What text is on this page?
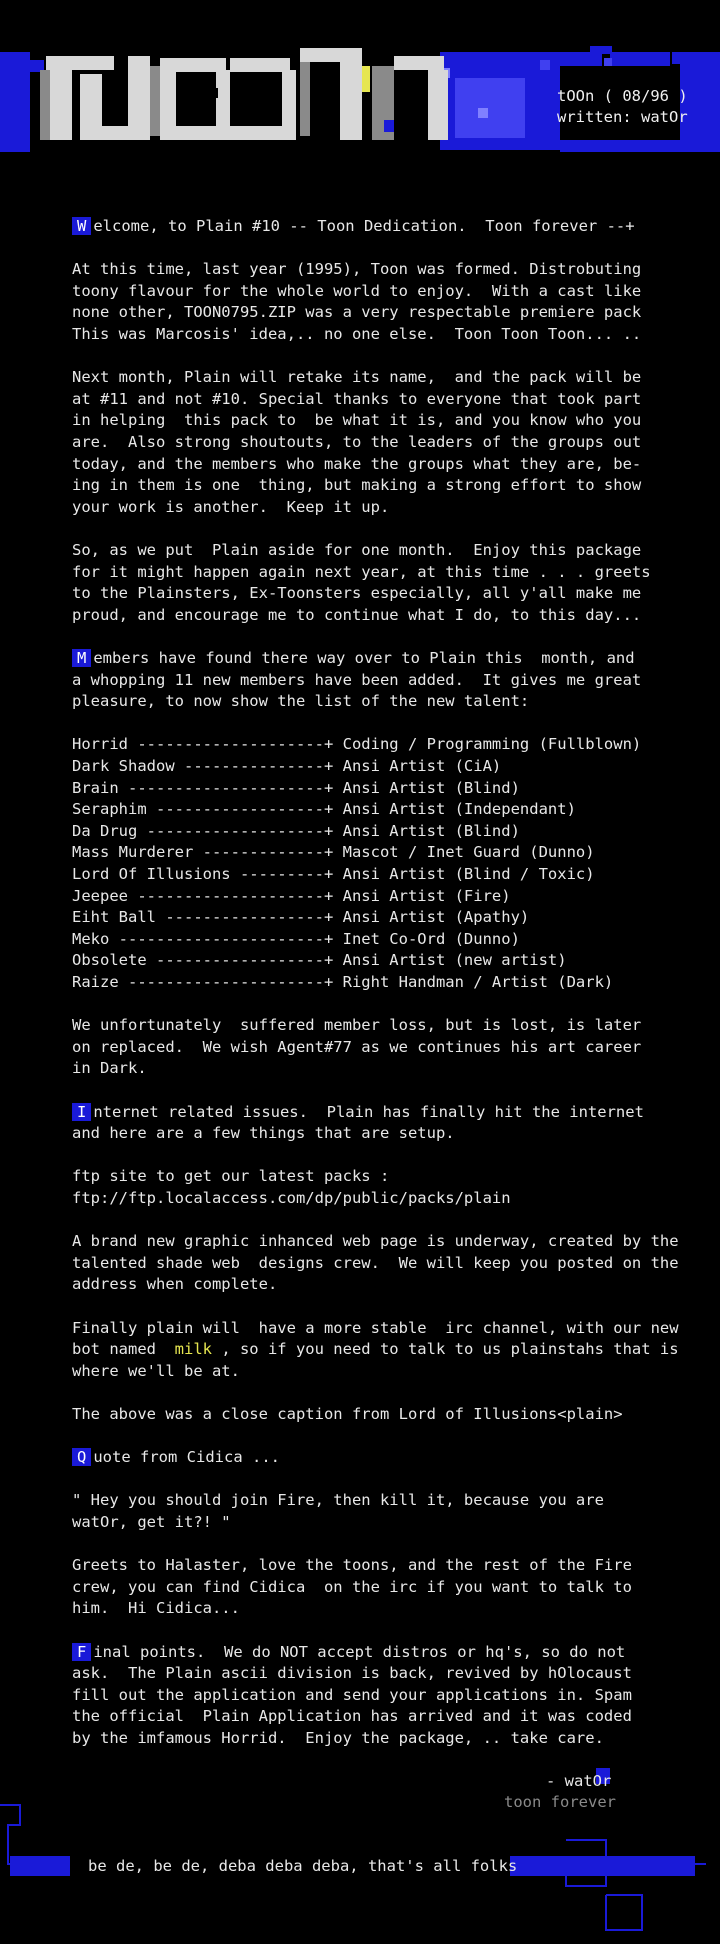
tOOn ( 08/96 )
written: watOr
W elcome, to Plain #10 -- Toon Dedication.  Toon forever --+
At this time, last year (1995), Toon was formed. Distrobuting
toony flavour for the whole world to enjoy.  With a cast like
none other, TOON0795.ZIP was a very respectable premiere pack
This was Marcosis' idea,.. no one else.  Toon Toon Toon... ..
Next month, Plain will retake its name,  and the pack will be
at #11 and not #10. Special thanks to everyone that took part
in helping  this pack to  be what it is, and you know who you
are.  Also strong shoutouts, to the leaders of the groups out
today, and the members who make the groups what they are, be-
ing in them is one  thing, but making a strong effort to show
your work is another.  Keep it up.
So, as we put  Plain aside for one month.  Enjoy this package
for it might happen again next year, at this time . . . greets
to the Plainsters, Ex-Toonsters especially, all y'all make me
proud, and encourage me to continue what I do, to this day...
M embers have found there way over to Plain this  month, and
a whopping 11 new members have been added.  It gives me great
pleasure, to now show the list of the new talent:
Horrid --------------------+ Coding / Programming (Fullblown)
Dark Shadow ---------------+ Ansi Artist (CiA)
Brain ---------------------+ Ansi Artist (Blind)
Seraphim ------------------+ Ansi Artist (Independant)
Da Drug -------------------+ Ansi Artist (Blind)
Mass Murderer -------------+ Mascot / Inet Guard (Dunno)
Lord Of Illusions ---------+ Ansi Artist (Blind / Toxic)
Jeepee --------------------+ Ansi Artist (Fire)
Eiht Ball -----------------+ Ansi Artist (Apathy)
Meko ----------------------+ Inet Co-Ord (Dunno)
Obsolete ------------------+ Ansi Artist (new artist)
Raize ---------------------+ Right Handman / Artist (Dark)
We unfortunately  suffered member loss, but is lost, is later
on replaced.  We wish Agent#77 as we continues his art career
in Dark.
I nternet related issues.  Plain has finally hit the internet
and here are a few things that are setup.
ftp site to get our latest packs :
ftp://ftp.localaccess.com/dp/public/packs/plain
A brand new graphic inhanced web page is underway, created by the
talented shade web  designs crew.  We will keep you posted on the
address when complete.
Finally plain will  have a more stable  irc channel, with our new
bot named  milk , so if you need to talk to us plainstahs that is
where we'll be at.
The above was a close caption from Lord of Illusions<plain>
Q uote from Cidica ...
" Hey you should join Fire, then kill it, because you are
watOr, get it?! "
Greets to Halaster, love the toons, and the rest of the Fire
crew, you can find Cidica  on the irc if you want to talk to
him.  Hi Cidica...
F inal points.  We do NOT accept distros or hq's, so do not
ask.  The Plain ascii division is back, revived by hOlocaust
fill out the application and send your applications in. Spam
the official  Plain Application has arrived and it was coded
by the imfamous Horrid.  Enjoy the package, .. take care.
- watOr
toon forever
be de, be de, deba deba deba, that's all folks
